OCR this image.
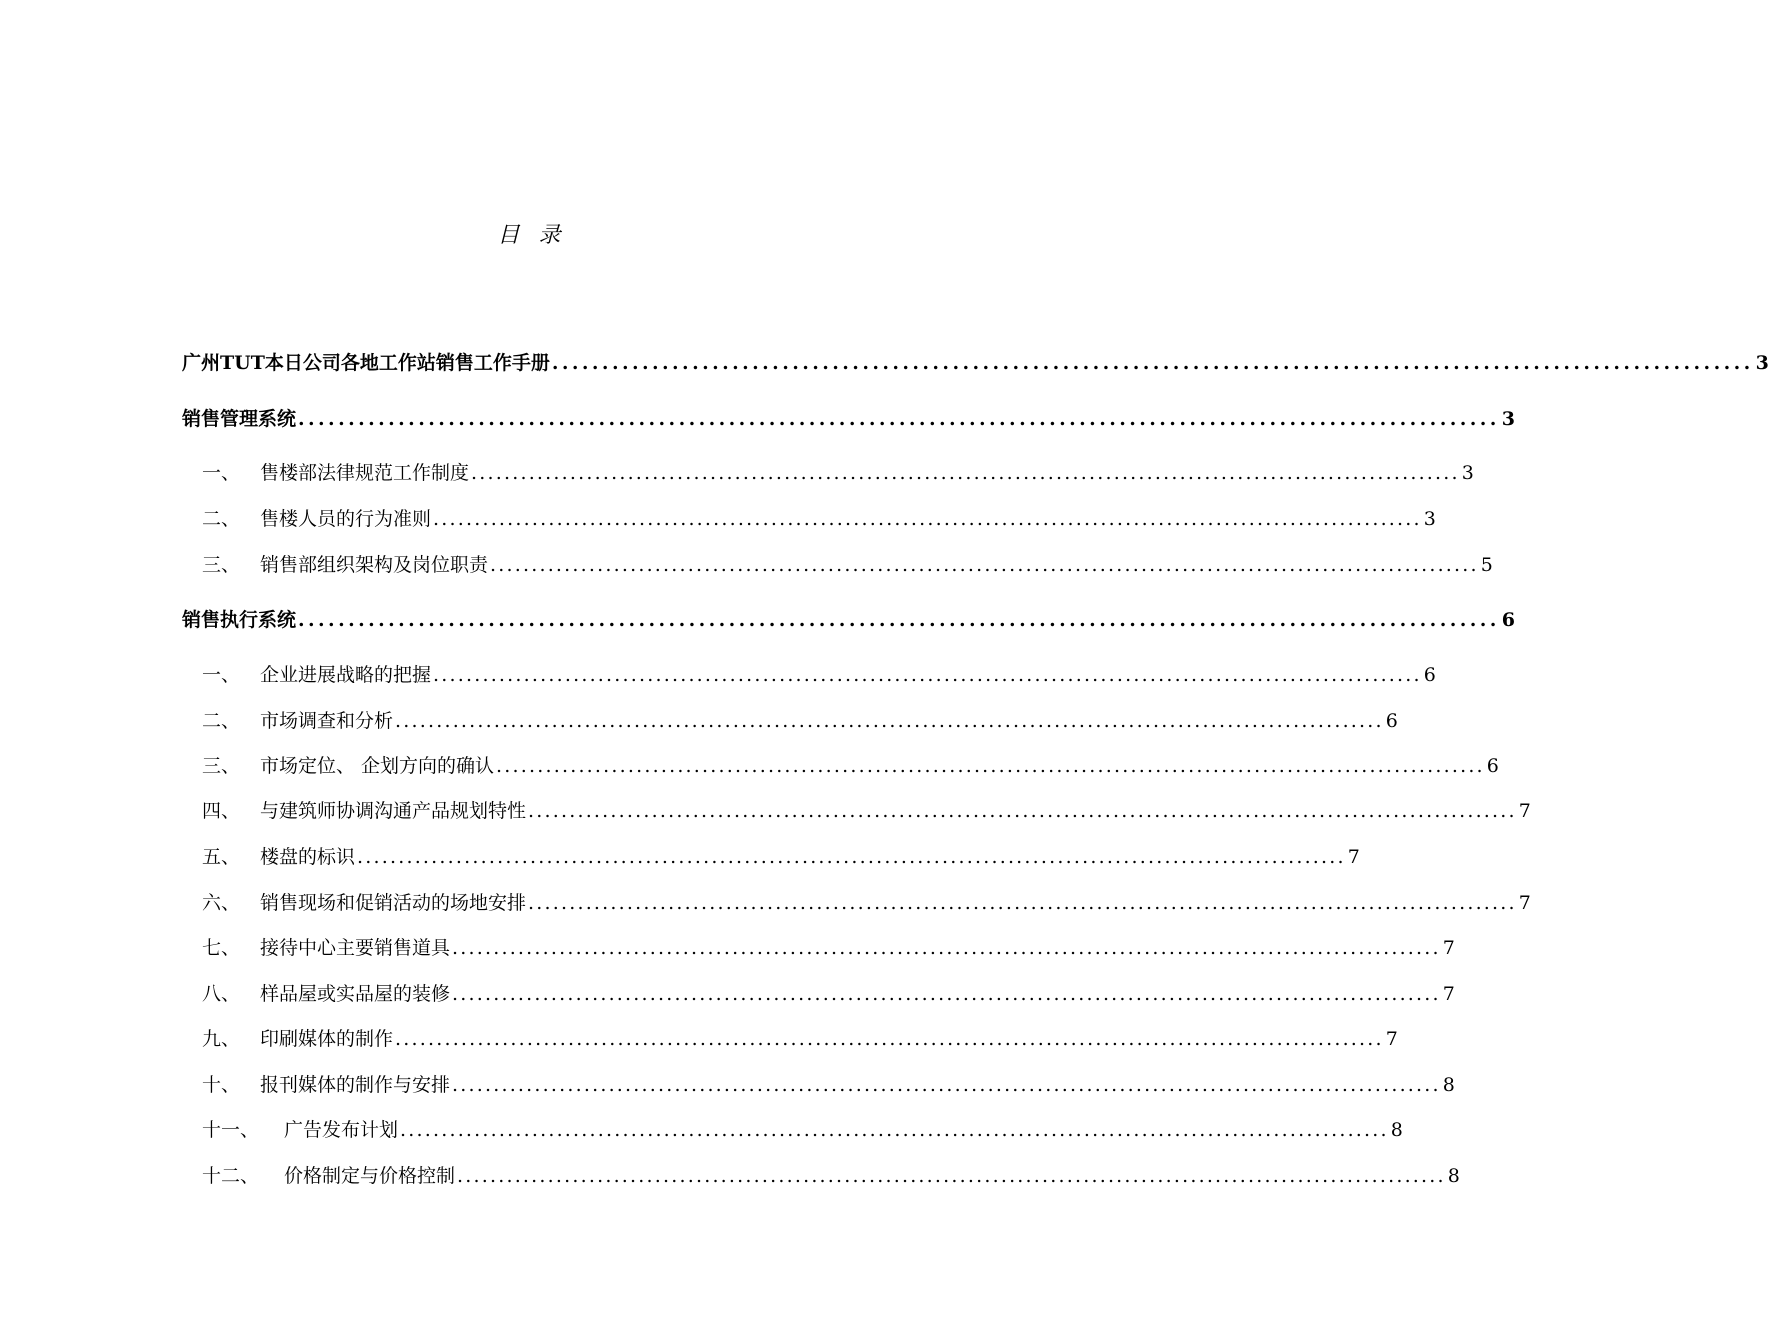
目 录
广州TUT本日公司各地工作站销售工作手册 ........................................................................................................................ 3
销售管理系统 ........................................................................................................................ 3
一、	售楼部法律规范工作制度 ........................................................................................................................ 3
二、	售楼人员的行为准则 ........................................................................................................................ 3
三、	销售部组织架构及岗位职责 ........................................................................................................................ 5
销售执行系统 ........................................................................................................................ 6
一、	企业进展战略的把握 ........................................................................................................................ 6
二、	市场调查和分析 ........................................................................................................................ 6
三、	市场定位、 企划方向的确认 ........................................................................................................................ 6
四、	与建筑师协调沟通产品规划特性 ........................................................................................................................ 7
五、	楼盘的标识 ........................................................................................................................ 7
六、	销售现场和促销活动的场地安排 ........................................................................................................................ 7
七、	接待中心主要销售道具 ........................................................................................................................ 7
八、	样品屋或实品屋的装修 ........................................................................................................................ 7
九、	印刷媒体的制作 ........................................................................................................................ 7
十、	报刊媒体的制作与安排 ........................................................................................................................ 8
十一、	广告发布计划 ........................................................................................................................ 8
十二、	价格制定与价格控制 ........................................................................................................................ 8
